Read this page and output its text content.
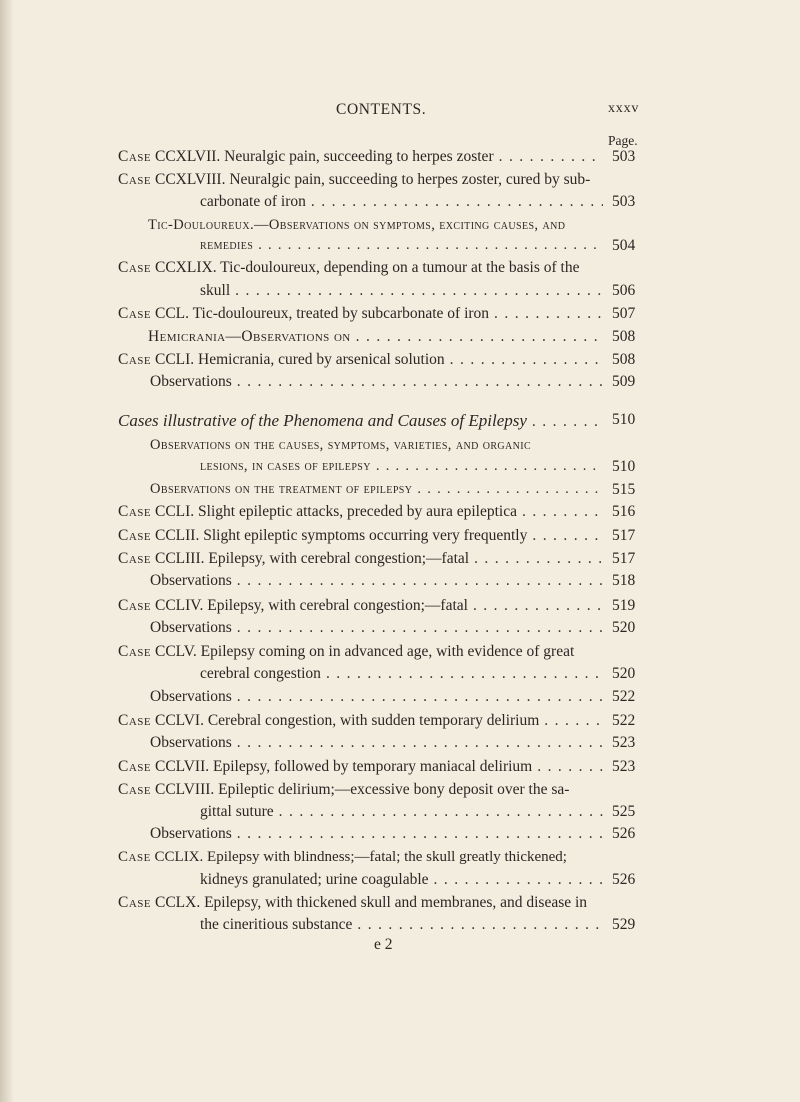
CONTENTS.	xxxv
Page.
Case CCXLVII. Neuralgic pain, succeeding to herpes zoster . . .	503
Case CCXLVIII. Neuralgic pain, succeeding to herpes zoster, cured by sub-
carbonate of iron . . .	503
Tic-Douloureux.—Observations on symptoms, exciting causes, and
remedies . . .	504
Case CCXLIX. Tic-douloureux, depending on a tumour at the basis of the
skull . . .	506
Case CCL. Tic-douloureux, treated by subcarbonate of iron . . .	507
Hemicrania—Observations on . . .	508
Case CCLI. Hemicrania, cured by arsenical solution . . .	508
Observations . . .	509
Cases illustrative of the Phenomena and Causes of Epilepsy . . .	510
Observations on the causes, symptoms, varieties, and organic
lesions, in cases of epilepsy . . .	510
Observations on the treatment of epilepsy . . .	515
Case CCLI. Slight epileptic attacks, preceded by aura epileptica . . .	516
Case CCLII. Slight epileptic symptoms occurring very frequently . . .	517
Case CCLIII. Epilepsy, with cerebral congestion;—fatal . . .	517
Observations . . .	518
Case CCLIV. Epilepsy, with cerebral congestion;—fatal . . .	519
Observations . . .	520
Case CCLV. Epilepsy coming on in advanced age, with evidence of great
cerebral congestion . . .	520
Observations . . .	522
Case CCLVI. Cerebral congestion, with sudden temporary delirium . . .	522
Observations . . .	523
Case CCLVII. Epilepsy, followed by temporary maniacal delirium . . .	523
Case CCLVIII. Epileptic delirium;—excessive bony deposit over the sa-
gittal suture . . .	525
Observations . . .	526
Case CCLIX. Epilepsy with blindness;—fatal; the skull greatly thickened;
kidneys granulated; urine coagulable . . .	526
Case CCLX. Epilepsy, with thickened skull and membranes, and disease in
the cineritious substance . . .	529
e 2
